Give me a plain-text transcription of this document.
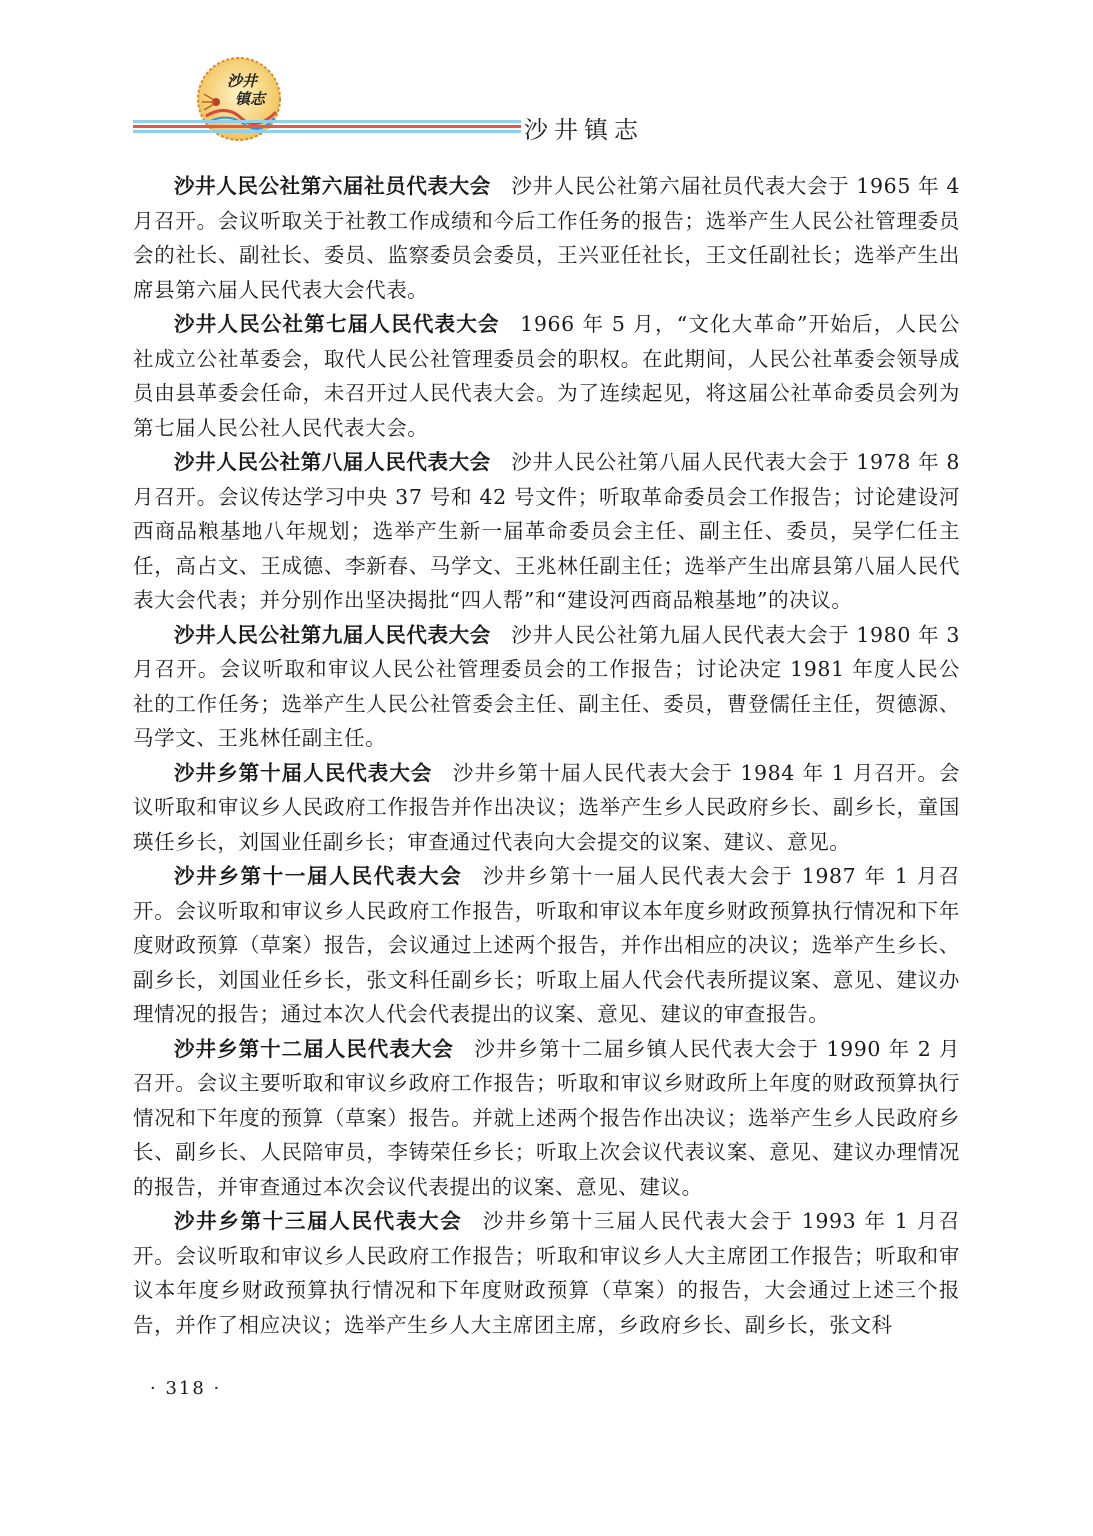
沙井
镇志
沙井镇志

沙井人民公社第六届社员代表大会 沙井人民公社第六届社员代表大会于 1965 年 4 月召开。会议听取关于社教工作成绩和今后工作任务的报告；选举产生人民公社管理委员会的社长、副社长、委员、监察委员会委员，王兴亚任社长，王文任副社长；选举产生出席县第六届人民代表大会代表。

沙井人民公社第七届人民代表大会 1966 年 5 月，“文化大革命”开始后，人民公社成立公社革委会，取代人民公社管理委员会的职权。在此期间，人民公社革委会领导成员由县革委会任命，未召开过人民代表大会。为了连续起见，将这届公社革命委员会列为第七届人民公社人民代表大会。

沙井人民公社第八届人民代表大会 沙井人民公社第八届人民代表大会于 1978 年 8 月召开。会议传达学习中央 37 号和 42 号文件；听取革命委员会工作报告；讨论建设河西商品粮基地八年规划；选举产生新一届革命委员会主任、副主任、委员，吴学仁任主任，高占文、王成德、李新春、马学文、王兆林任副主任；选举产生出席县第八届人民代表大会代表；并分别作出坚决揭批“四人帮”和“建设河西商品粮基地”的决议。

沙井人民公社第九届人民代表大会 沙井人民公社第九届人民代表大会于 1980 年 3 月召开。会议听取和审议人民公社管理委员会的工作报告；讨论决定 1981 年度人民公社的工作任务；选举产生人民公社管委会主任、副主任、委员，曹登儒任主任，贺德源、马学文、王兆林任副主任。

沙井乡第十届人民代表大会 沙井乡第十届人民代表大会于 1984 年 1 月召开。会议听取和审议乡人民政府工作报告并作出决议；选举产生乡人民政府乡长、副乡长，童国瑛任乡长，刘国业任副乡长；审查通过代表向大会提交的议案、建议、意见。

沙井乡第十一届人民代表大会 沙井乡第十一届人民代表大会于 1987 年 1 月召开。会议听取和审议乡人民政府工作报告，听取和审议本年度乡财政预算执行情况和下年度财政预算（草案）报告，会议通过上述两个报告，并作出相应的决议；选举产生乡长、副乡长，刘国业任乡长，张文科任副乡长；听取上届人代会代表所提议案、意见、建议办理情况的报告；通过本次人代会代表提出的议案、意见、建议的审查报告。

沙井乡第十二届人民代表大会 沙井乡第十二届乡镇人民代表大会于 1990 年 2 月召开。会议主要听取和审议乡政府工作报告；听取和审议乡财政所上年度的财政预算执行情况和下年度的预算（草案）报告。并就上述两个报告作出决议；选举产生乡人民政府乡长、副乡长、人民陪审员，李铸荣任乡长；听取上次会议代表议案、意见、建议办理情况的报告，并审查通过本次会议代表提出的议案、意见、建议。

沙井乡第十三届人民代表大会 沙井乡第十三届人民代表大会于 1993 年 1 月召开。会议听取和审议乡人民政府工作报告；听取和审议乡人大主席团工作报告；听取和审议本年度乡财政预算执行情况和下年度财政预算（草案）的报告，大会通过上述三个报告，并作了相应决议；选举产生乡人大主席团主席，乡政府乡长、副乡长，张文科

· 318 ·
